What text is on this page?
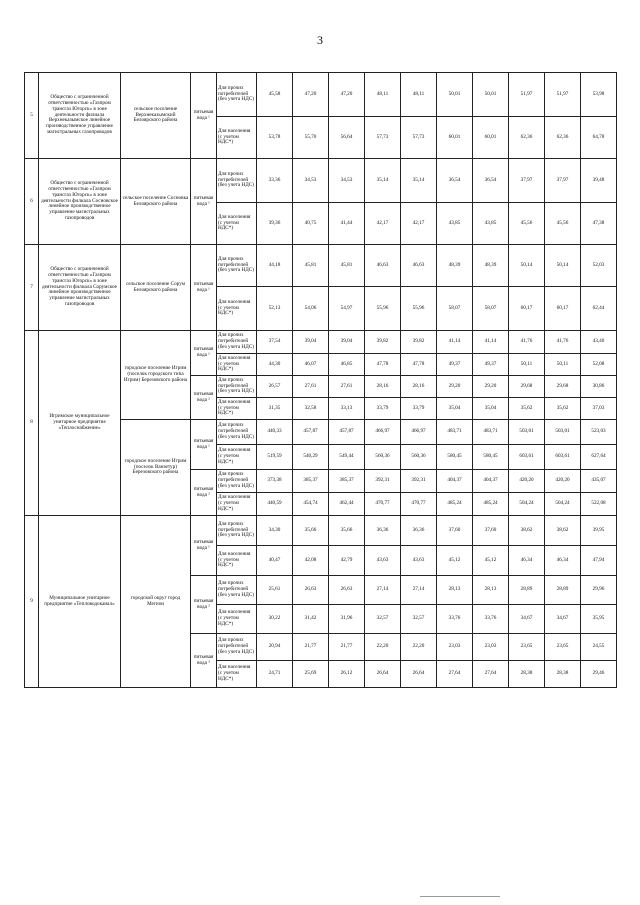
3
5	Общество с ограниченной ответственностью «Газпром трансгаз Югорск» в зоне деятельности филиала Верхнеказымское линейное производственное управление магистральных газопроводов	сельское поселение Верхнеказымский Белоярского района	питьевая вода ¹	Для прочих потребителей (без учета НДС)	45,58	47,20	47,20	48,11	48,11	50,01	50,01	51,97	51,97	53,98
				Для населения (с учетом НДС*)	53,78	55,70	56,64	57,73	57,73	60,01	60,01	62,36	62,36	64,78
6	Общество с ограниченной ответственностью «Газпром трансгаз Югорск» в зоне деятельности филиала Сосновское линейное производственное управление магистральных газопроводов	сельское поселение Сосновка Белоярского района	питьевая вода ¹	Для прочих потребителей (без учета НДС)	33,36	34,53	34,53	35,14	35,14	36,54	36,54	37,97	37,97	39,48
				Для населения (с учетом НДС*)	39,36	40,75	41,44	42,17	42,17	43,85	43,85	45,56	45,56	47,38
7	Общество с ограниченной ответственностью «Газпром трансгаз Югорск» в зоне деятельности филиала Сорумское линейное производственное управление магистральных газопроводов	сельское поселение Сорум Белоярского района	питьевая вода ¹	Для прочих потребителей (без учета НДС)	44,18	45,81	45,81	46,63	46,63	48,39	48,39	50,14	50,14	52,03
				Для населения (с учетом НДС*)	52,13	54,06	54,97	55,96	55,96	58,07	58,07	60,17	60,17	62,44
8	Игримское муниципальное унитарное предприятие «Теплоснабжение»	городское поселение Игрим (поселок городского типа Игрим) Березовского района	питьевая вода ¹	Для прочих потребителей (без учета НДС)	37,54	39,04	39,04	39,82	39,82	41,14	41,14	41,76	41,76	43,40
				Для населения (с учетом НДС*)	44,30	46,07	46,85	47,78	47,78	49,37	49,37	50,11	50,11	52,08
			питьевая вода ²	Для прочих потребителей (без учета НДС)	26,57	27,61	27,61	28,16	28,16	29,20	29,20	29,68	29,68	30,86
				Для населения (с учетом НДС*)	31,35	32,58	33,13	33,79	33,79	35,04	35,04	35,62	35,62	37,03
		городское поселение Игрим (поселок Ванзетур) Березовского района	питьевая вода ¹	Для прочих потребителей (без учета НДС)	440,33	457,87	457,87	466,97	466,97	483,71	483,71	503,01	503,01	523,03
				Для населения (с учетом НДС*)	519,59	540,29	549,44	560,36	560,36	580,45	580,45	603,61	603,61	627,64
			питьевая вода ²	Для прочих потребителей (без учета НДС)	373,38	385,37	385,37	392,31	392,31	404,37	404,37	420,20	420,20	435,07
				Для населения (с учетом НДС*)	440,59	454,74	462,44	470,77	470,77	485,24	485,24	504,24	504,24	522,08
9	Муниципальное унитарное предприятие «Тепловодоканал»	городской округ город Мегион	питьевая вода ¹	Для прочих потребителей (без учета НДС)	34,30	35,66	35,66	36,36	36,36	37,60	37,60	38,62	38,62	39,95
				Для населения (с учетом НДС*)	40,47	42,08	42,79	43,63	43,63	45,12	45,12	46,34	46,34	47,94
			питьевая вода ²	Для прочих потребителей (без учета НДС)	25,61	26,63	26,63	27,14	27,14	28,13	28,13	28,89	28,89	29,96
				Для населения (с учетом НДС*)	30,22	31,42	31,96	32,57	32,57	33,76	33,76	34,67	34,67	35,95
			питьевая вода ³	Для прочих потребителей (без учета НДС)	20,94	21,77	21,77	22,20	22,20	23,03	23,03	23,65	23,65	24,55
				Для населения (с учетом НДС*)	24,71	25,69	26,12	26,64	26,64	27,64	27,64	28,38	28,38	29,46
